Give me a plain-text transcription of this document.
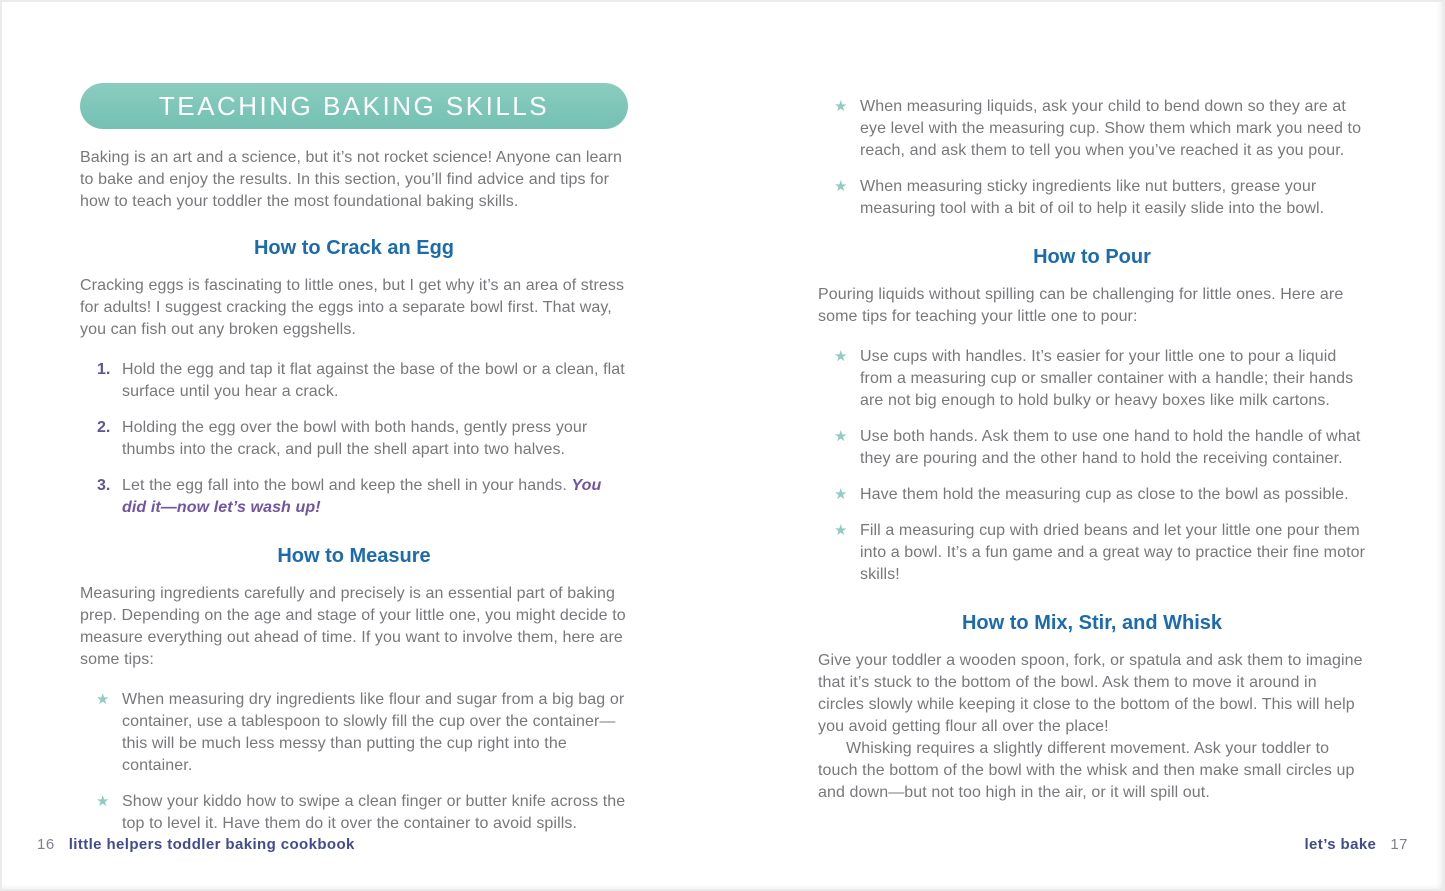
TEACHING BAKING SKILLS

Baking is an art and a science, but it’s not rocket science! Anyone can learn to bake and enjoy the results. In this section, you’ll find advice and tips for how to teach your toddler the most foundational baking skills.

How to Crack an Egg

Cracking eggs is fascinating to little ones, but I get why it’s an area of stress for adults! I suggest cracking the eggs into a separate bowl first. That way, you can fish out any broken eggshells.

1. Hold the egg and tap it flat against the base of the bowl or a clean, flat surface until you hear a crack.
2. Holding the egg over the bowl with both hands, gently press your thumbs into the crack, and pull the shell apart into two halves.
3. Let the egg fall into the bowl and keep the shell in your hands. You did it—now let’s wash up!
How to Measure

Measuring ingredients carefully and precisely is an essential part of baking prep. Depending on the age and stage of your little one, you might decide to measure everything out ahead of time. If you want to involve them, here are some tips:

★ When measuring dry ingredients like flour and sugar from a big bag or container, use a tablespoon to slowly fill the cup over the container—this will be much less messy than putting the cup right into the container.
★ Show your kiddo how to swipe a clean finger or butter knife across the top to level it. Have them do it over the container to avoid spills.
★ When measuring liquids, ask your child to bend down so they are at eye level with the measuring cup. Show them which mark you need to reach, and ask them to tell you when you’ve reached it as you pour.
★ When measuring sticky ingredients like nut butters, grease your measuring tool with a bit of oil to help it easily slide into the bowl.
How to Pour

Pouring liquids without spilling can be challenging for little ones. Here are some tips for teaching your little one to pour:

★ Use cups with handles. It’s easier for your little one to pour a liquid from a measuring cup or smaller container with a handle; their hands are not big enough to hold bulky or heavy boxes like milk cartons.
★ Use both hands. Ask them to use one hand to hold the handle of what they are pouring and the other hand to hold the receiving container.
★ Have them hold the measuring cup as close to the bowl as possible.
★ Fill a measuring cup with dried beans and let your little one pour them into a bowl. It’s a fun game and a great way to practice their fine motor skills!
How to Mix, Stir, and Whisk

Give your toddler a wooden spoon, fork, or spatula and ask them to imagine that it’s stuck to the bottom of the bowl. Ask them to move it around in circles slowly while keeping it close to the bottom of the bowl. This will help you avoid getting flour all over the place!

Whisking requires a slightly different movement. Ask your toddler to touch the bottom of the bowl with the whisk and then make small circles up and down—but not too high in the air, or it will spill out.

16 little helpers toddler baking cookbook	let’s bake 17
